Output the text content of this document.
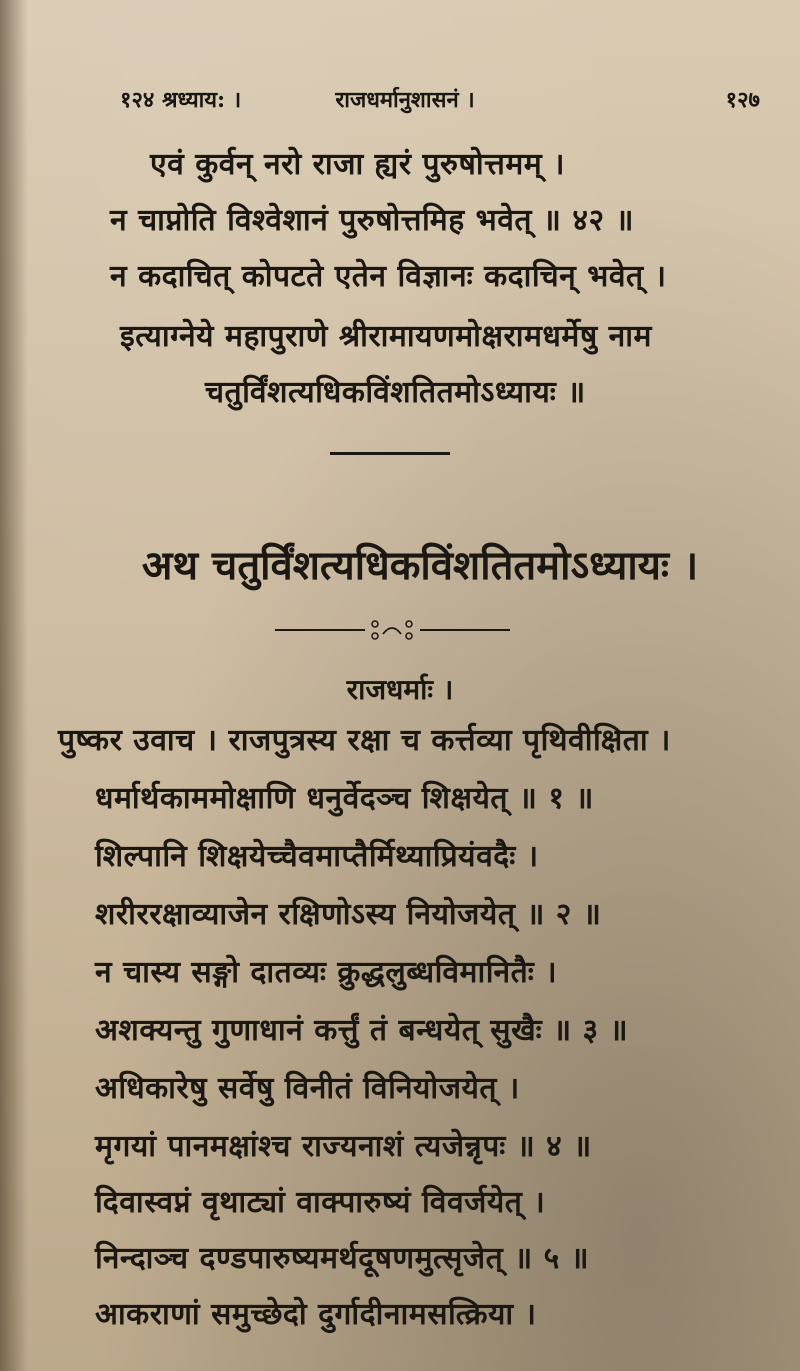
१२४ श्रध्याय: ।	राजधर्मानुशासनं ।	१२७
एवं कुर्वन् नरो राजा ह्यरं पुरुषोत्तमम् ।
न चाप्नोति विश्वेशानं पुरुषोत्तमिह भवेत् ॥ ४२ ॥
न कदाचित् कोपटते एतेन विज्ञानः कदाचिन् भवेत् ।
इत्याग्नेये महापुराणे श्रीरामायणमोक्षरामधर्मेषु नाम
चतुर्विंशत्यधिकविंशतितमोऽध्यायः ॥
अथ चतुर्विंशत्यधिकविंशतितमोऽध्यायः ।
राजधर्माः ।
पुष्कर उवाच । राजपुत्रस्य रक्षा च कर्त्तव्या पृथिवीक्षिता ।
धर्मार्थकाममोक्षाणि धनुर्वेदञ्च शिक्षयेत् ॥ १ ॥
शिल्पानि शिक्षयेच्चैवमाप्तैर्मिथ्याप्रियंवदैः ।
शरीररक्षाव्याजेन रक्षिणोऽस्य नियोजयेत् ॥ २ ॥
न चास्य सङ्गो दातव्यः क्रुद्धलुब्धविमानितैः ।
अशक्यन्तु गुणाधानं कर्त्तुं तं बन्धयेत् सुखैः ॥ ३ ॥
अधिकारेषु सर्वेषु विनीतं विनियोजयेत् ।
मृगयां पानमक्षांश्च राज्यनाशं त्यजेन्नृपः ॥ ४ ॥
दिवास्वप्नं वृथाट्यां वाक्पारुष्यं विवर्जयेत् ।
निन्दाञ्च दण्डपारुष्यमर्थदूषणमुत्सृजेत् ॥ ५ ॥
आकराणां समुच्छेदो दुर्गादीनामसत्क्रिया ।
